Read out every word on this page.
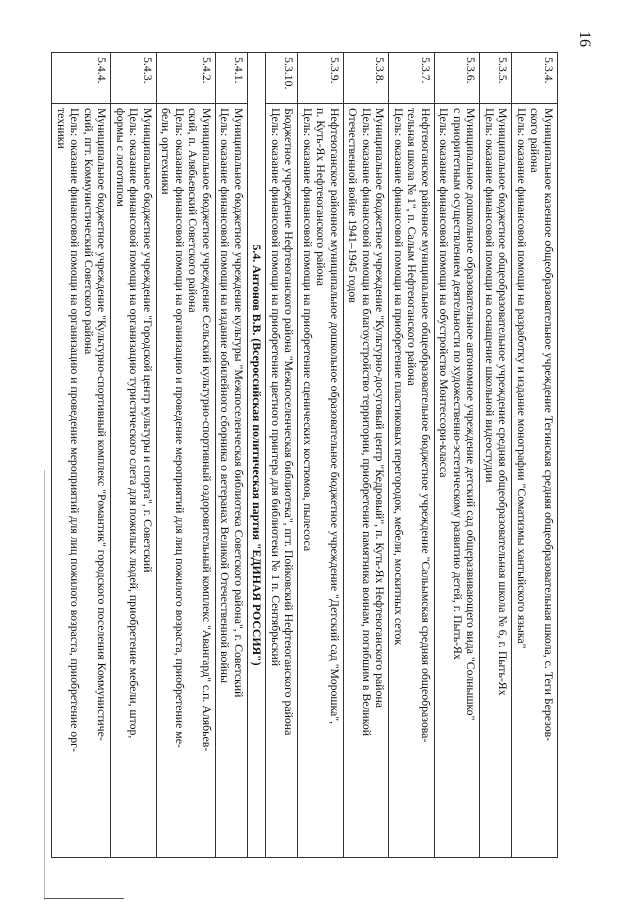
16
5.3.4.	Муниципальное казенное общеобразовательное учреждение Тегинская средняя общеобразовательная школа, с. Теги Березов-
ского района
Цель: оказание финансовой помощи на разработку и издание монографии "Соматизмы хантыйского языка"

5.3.5.	Муниципальное бюджетное общеобразовательное учреждение средняя общеобразовательная школа № 6, г. Пыть-Ях
Цель: оказание финансовой помощи на оснащение школьной видеостудии

5.3.6.	Муниципальное дошкольное образовательное автономное учреждение детский сад общеразвивающего вида "Солнышко"
с приоритетным осуществлением деятельности по художественно-эстетическому развитию детей, г. Пыть-Ях
Цель: оказание финансовой помощи на обустройство Монтессори-класса

5.3.7.	Нефтеюганское районное муниципальное общеобразовательное бюджетное учреждение "Сальымская средняя общеобразова-
тельная школа № 1", п. Салым Нефтеюганского района
Цель: оказание финансовой помощи на приобретение пластиковых перегородок, мебели, москитных сеток

5.3.8.	Муниципальное бюджетное учреждение "Культурно-досуговый центр "Кедровый", п. Куть-Ях Нефтеюганского района
Цель: оказание финансовой помощи на благоустройство территории, приобретение памятника воинам, погибшим в Великой
Отечественной войне 1941–1945 годов

5.3.9.	Нефтеюганское районное муниципальное дошкольное образовательное бюджетное учреждение "Детский сад "Морошка",
п. Куть-Ях Нефтеюганского района
Цель: оказание финансовой помощи на приобретение сценических костюмов, пылесоса

5.3.10.	Бюджетное учреждение Нефтеюганского района "Межпоселенческая библиотека", пгт. Пойковский Нефтеюганского района
Цель: оказание финансовой помощи на приобретение цветного принтера для библиотеки № 1 п. Сентябрьский

5.4. Антонов В.В. (Всероссийская политическая партия "ЕДИНАЯ РОССИЯ")	

5.4.1.	Муниципальное бюджетное учреждение культуры "Межпоселенческая библиотека Советского района", г. Советский
Цель: оказание финансовой помощи на издание юбилейного сборника о ветеранах Великой Отечественной войны

5.4.2.	Муниципальное бюджетное учреждение Сельский культурно-спортивный оздоровительный комплекс "Авангард" с.п. Алябьев-
ский, п. Алябьевский Советского района
Цель: оказание финансовой помощи на организацию и проведение мероприятий для лиц пожилого возраста, приобретение ме-
бели, оргтехники

5.4.3.	Муниципальное бюджетное учреждение "Городской центр культуры и спорта", г. Советский
Цель: оказание финансовой помощи на организацию туристического слета для пожилых людей, приобретение мебели, штор,
формы с логотипом

5.4.4.	Муниципальное бюджетное учреждение "Культурно-спортивный комплекс "Романтик" городского поселения Коммунистиче-
ский, пгт. Коммунистический Советского района
Цель: оказание финансовой помощи на организацию и проведение мероприятий для лиц пожилого возраста, приобретение орг-
техники
